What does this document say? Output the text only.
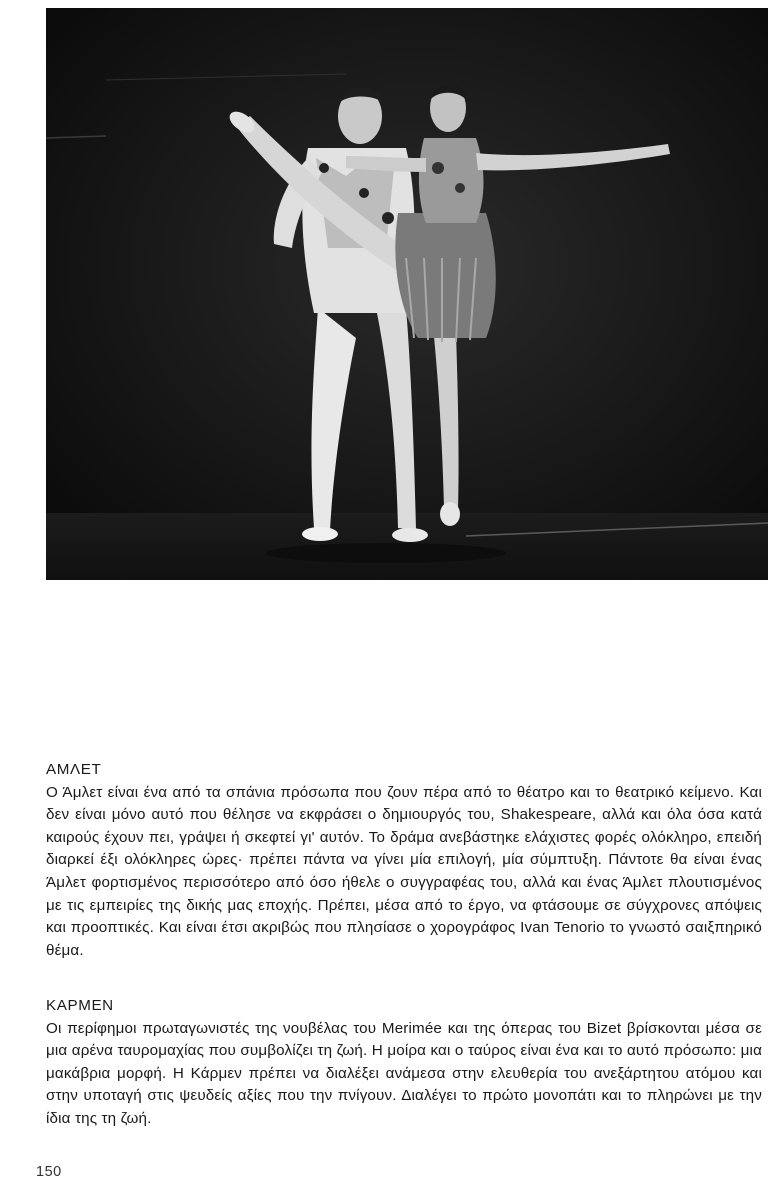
ΑΜΛΕΤ

Ο Άμλετ είναι ένα από τα σπάνια πρόσωπα που ζουν πέρα από το θέατρο και το θεατρικό κείμενο. Και δεν είναι μόνο αυτό που θέλησε να εκφράσει ο δημιουργός του, Shakespeare, αλλά και όλα όσα κατά καιρούς έχουν πει, γράψει ή σκεφτεί γι' αυτόν. Το δράμα ανεβάστηκε ελάχιστες φορές ολόκληρο, επειδή διαρκεί έξι ολόκληρες ώρες· πρέπει πάντα να γίνει μία επιλογή, μία σύμπτυξη. Πάντοτε θα είναι ένας Άμλετ φορτισμένος περισσότερο από όσο ήθελε ο συγγραφέας του, αλλά και ένας Άμλετ πλουτισμένος με τις εμπειρίες της δικής μας εποχής. Πρέπει, μέσα από το έργο, να φτάσουμε σε σύγχρονες απόψεις και προοπτικές. Και είναι έτσι ακριβώς που πλησίασε ο χορογράφος Ivan Tenorio το γνωστό σαιξπηρικό θέμα.

ΚΑΡΜΕΝ

Οι περίφημοι πρωταγωνιστές της νουβέλας του Merimée και της όπερας του Bizet βρίσκονται μέσα σε μια αρένα ταυρομαχίας που συμβολίζει τη ζωή. Η μοίρα και ο ταύρος είναι ένα και το αυτό πρόσωπο: μια μακάβρια μορφή. Η Κάρμεν πρέπει να διαλέξει ανάμεσα στην ελευθερία του ανεξάρτητου ατόμου και στην υποταγή στις ψευδείς αξίες που την πνίγουν. Διαλέγει το πρώτο μονοπάτι και το πληρώνει με την ίδια της τη ζωή.

150
